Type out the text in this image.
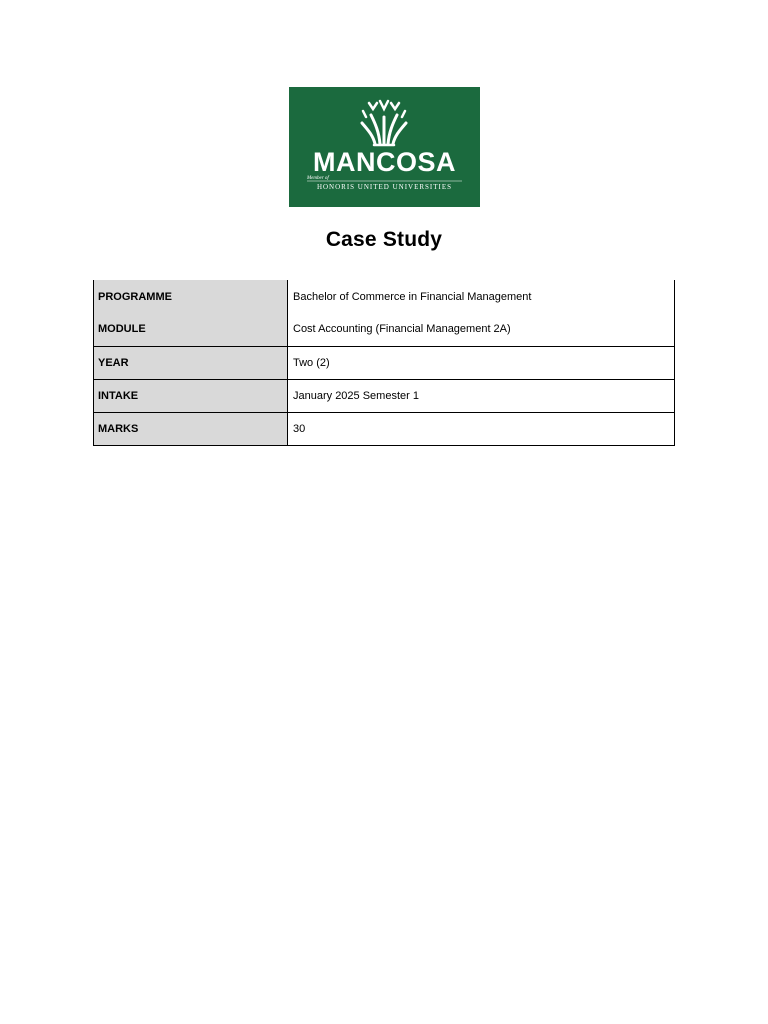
MANCOSA
Member of
HONORIS UNITED UNIVERSITIES
Case Study
PROGRAMME	Bachelor of Commerce in Financial Management
MODULE	Cost Accounting (Financial Management 2A)
YEAR	Two (2)
INTAKE	January 2025 Semester 1
MARKS	30
